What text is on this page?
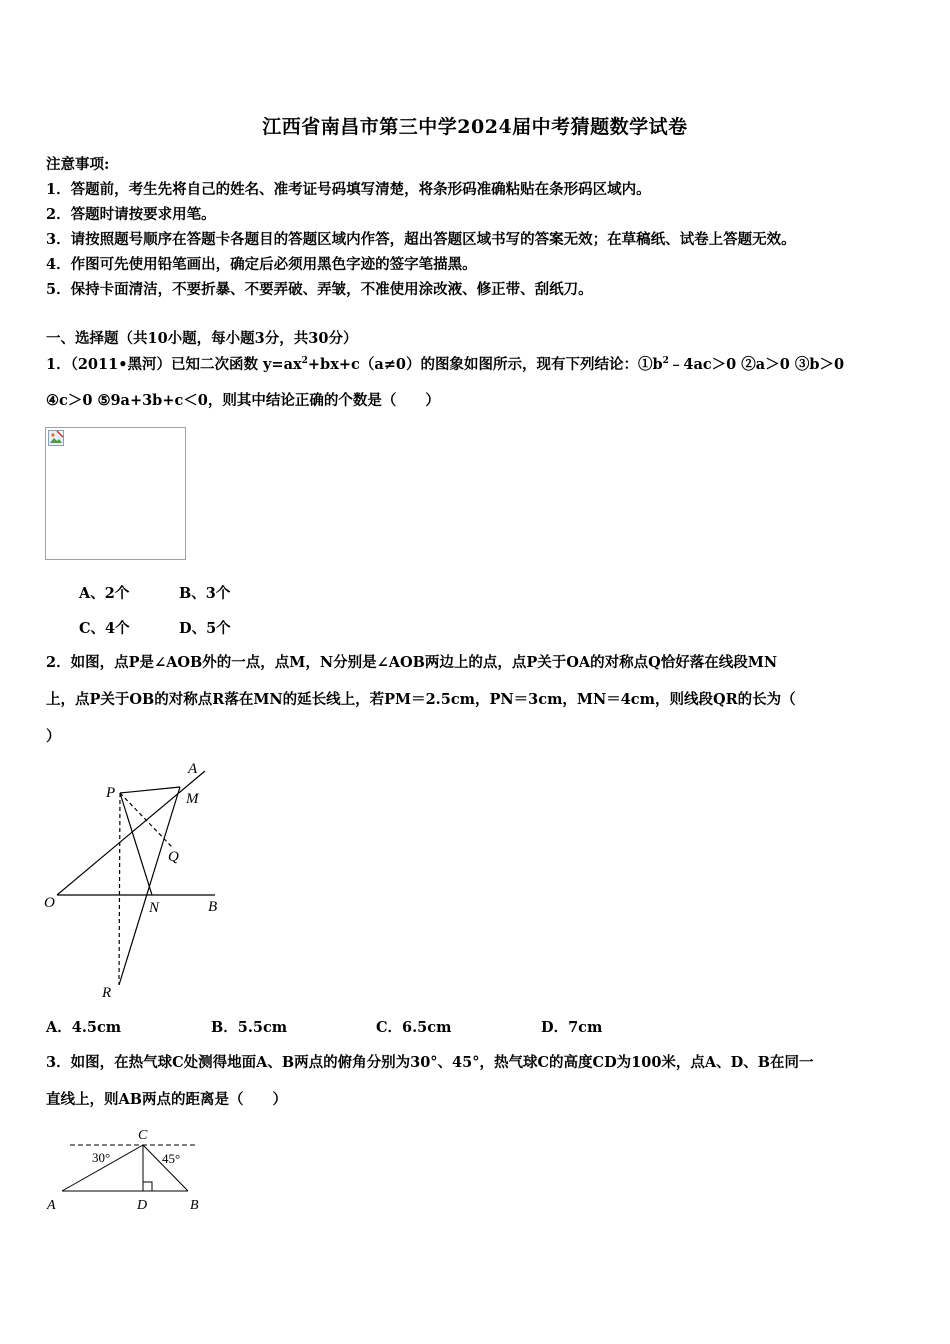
江西省南昌市第三中学2024届中考猜题数学试卷
注意事项:
1．答题前，考生先将自己的姓名、准考证号码填写清楚，将条形码准确粘贴在条形码区域内。
2．答题时请按要求用笔。
3．请按照题号顺序在答题卡各题目的答题区域内作答，超出答题区域书写的答案无效；在草稿纸、试卷上答题无效。
4．作图可先使用铅笔画出，确定后必须用黑色字迹的签字笔描黑。
5．保持卡面清洁，不要折暴、不要弄破、弄皱，不准使用涂改液、修正带、刮纸刀。
一、选择题（共10小题，每小题3分，共30分）
1．（2011•黑河）已知二次函数 $y=ax^2+bx+c(a\ne 0)$的图象如图所示，现有下列结论：$①b^2﹣4ac>0$ ②a＞0 ③b＞0
④c＞0 ⑤9a+3b+c＜0，则其中结论正确的个数是（　　）
A、2个	B、3个
C、4个	D、5个
2．如图，点P是∠AOB外的一点，点M，N分别是∠AOB两边上的点，点P关于OA的对称点Q恰好落在线段MN
上，点P关于OB的对称点R落在MN的延长线上，若PM＝2.5cm，PN＝3cm，MN＝4cm，则线段QR的长为（
）
P
A
M
Q
O	N	B
R
A．4.5cm	B．5.5cm	C．6.5cm	D．7cm
3．如图，在热气球C处测得地面A、B两点的俯角分别为30°、45°，热气球C的高度CD为100米，点A、D、B在同一
直线上，则AB两点的距离是（　　）
C
A	D	B
30°	45°
